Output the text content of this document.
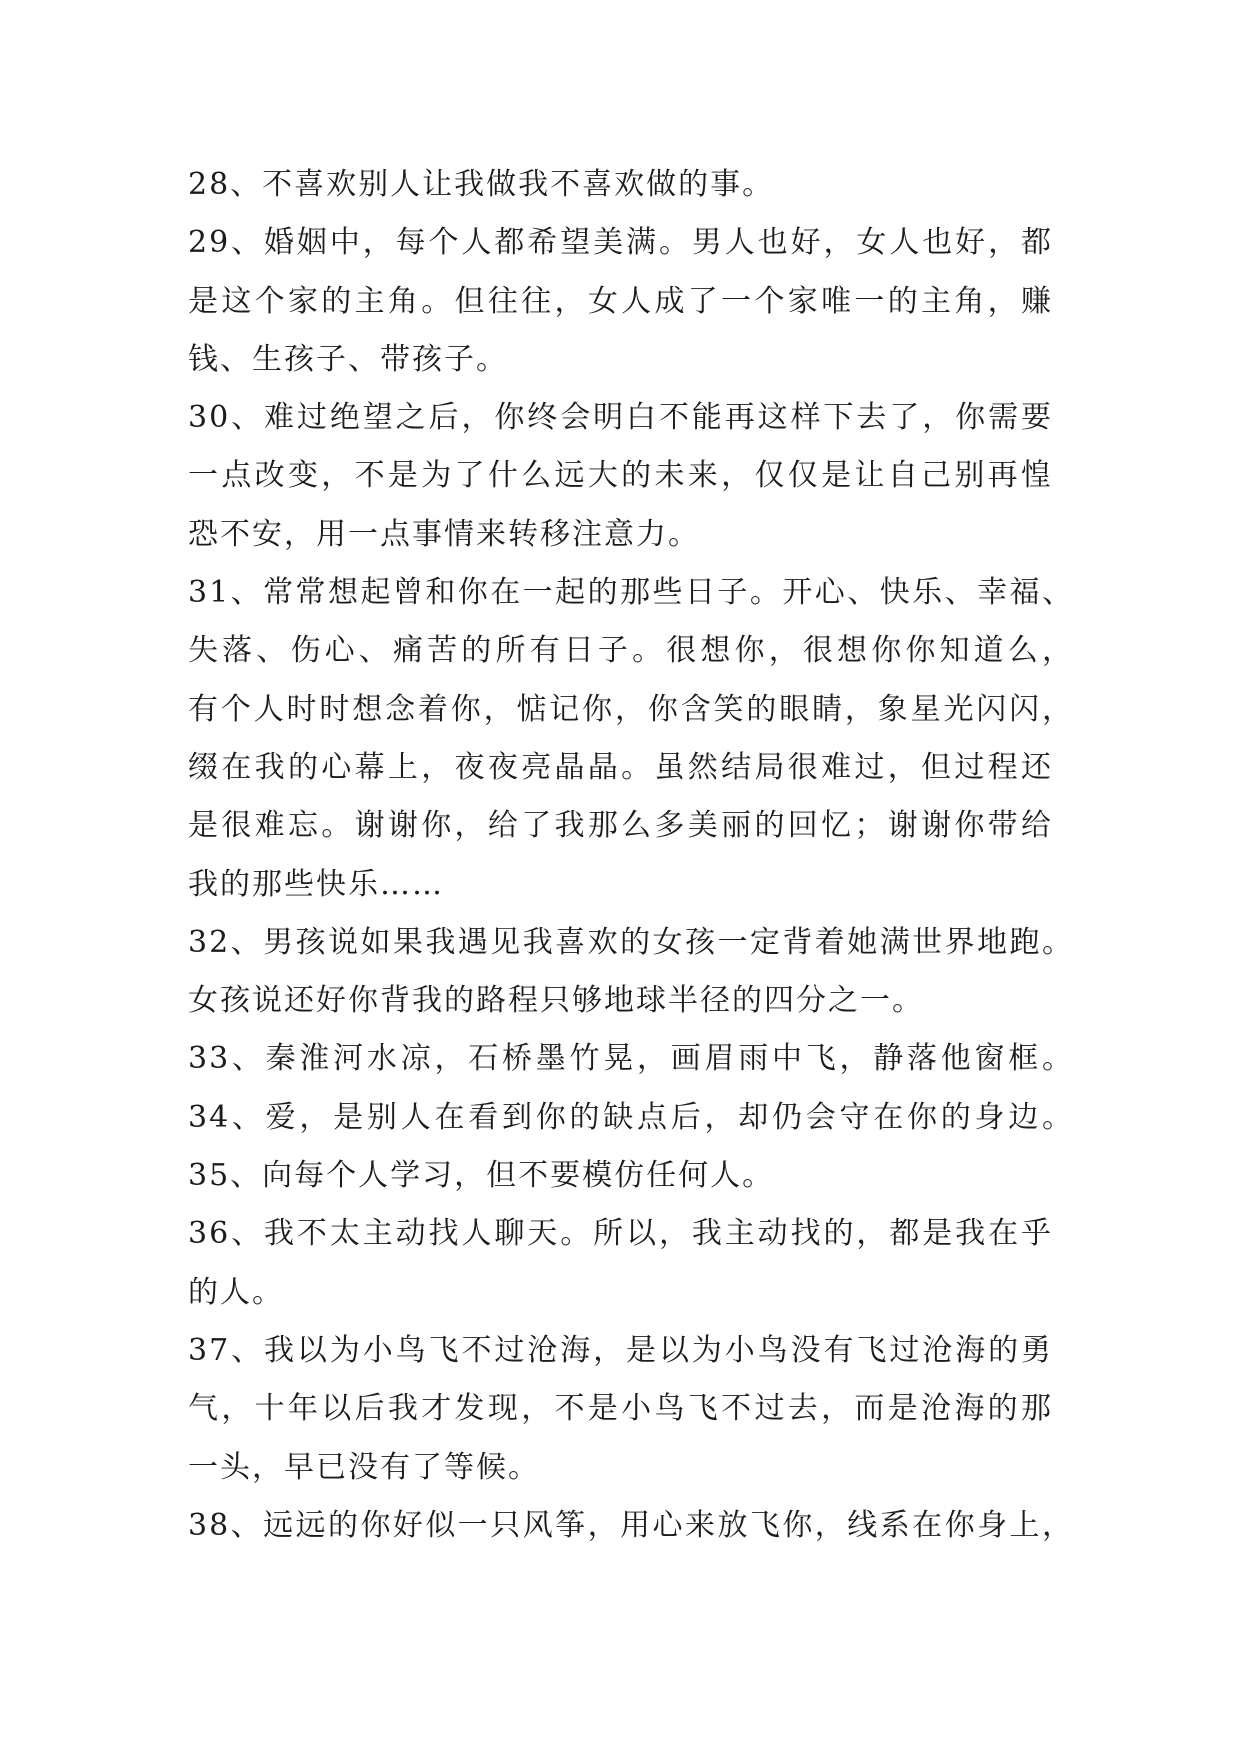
28、不喜欢别人让我做我不喜欢做的事。
29、婚姻中，每个人都希望美满。男人也好，女人也好，都
是这个家的主角。但往往，女人成了一个家唯一的主角，赚
钱、生孩子、带孩子。
30、难过绝望之后，你终会明白不能再这样下去了，你需要
一点改变，不是为了什么远大的未来，仅仅是让自己别再惶
恐不安，用一点事情来转移注意力。
31、常常想起曾和你在一起的那些日子。开心、快乐、幸福、
失落、伤心、痛苦的所有日子。很想你，很想你你知道么，
有个人时时想念着你，惦记你，你含笑的眼睛，象星光闪闪，
缀在我的心幕上，夜夜亮晶晶。虽然结局很难过，但过程还
是很难忘。谢谢你，给了我那么多美丽的回忆；谢谢你带给
我的那些快乐……
32、男孩说如果我遇见我喜欢的女孩一定背着她满世界地跑。
女孩说还好你背我的路程只够地球半径的四分之一。
33、秦淮河水凉，石桥墨竹晃，画眉雨中飞，静落他窗框。
34、爱，是别人在看到你的缺点后，却仍会守在你的身边。
35、向每个人学习，但不要模仿任何人。
36、我不太主动找人聊天。所以，我主动找的，都是我在乎
的人。
37、我以为小鸟飞不过沧海，是以为小鸟没有飞过沧海的勇
气，十年以后我才发现，不是小鸟飞不过去，而是沧海的那
一头，早已没有了等候。
38、远远的你好似一只风筝，用心来放飞你，线系在你身上，
